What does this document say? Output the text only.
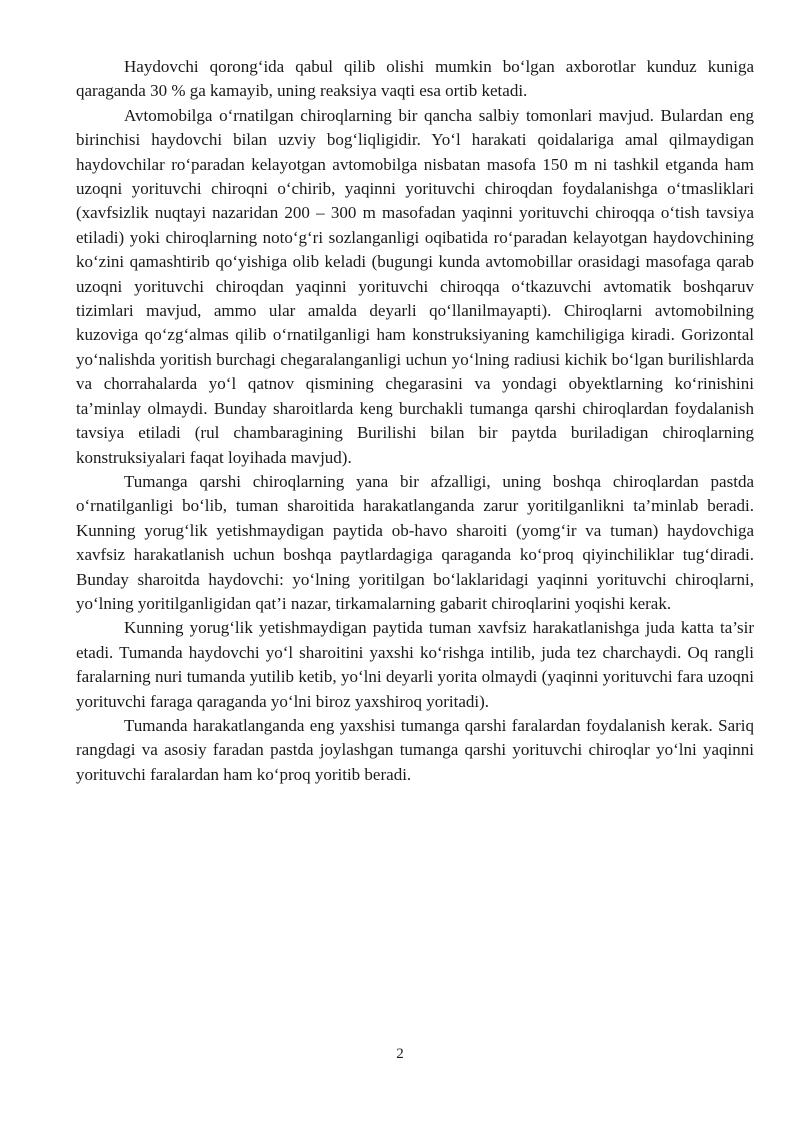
Haydovchi qorong‘ida qabul qilib olishi mumkin bo‘lgan axborotlar kunduz kuniga qaraganda 30 % ga kamayib, uning reaksiya vaqti esa ortib ketadi.

Avtomobilga o‘rnatilgan chiroqlarning bir qancha salbiy tomonlari mavjud. Bulardan eng birinchisi haydovchi bilan uzviy bog‘liqligidir. Yo‘l harakati qoidalariga amal qilmaydigan haydovchilar ro‘paradan kelayotgan avtomobilga nisbatan masofa 150 m ni tashkil etganda ham uzoqni yorituvchi chiroqni o‘chirib, yaqinni yorituvchi chiroqdan foydalanishga o‘tmasliklari (xavfsizlik nuqtayi nazaridan 200 – 300 m masofadan yaqinni yorituvchi chiroqqa o‘tish tavsiya etiladi) yoki chiroqlarning noto‘g‘ri sozlanganligi oqibatida ro‘paradan kelayotgan haydovchining ko‘zini qamashtirib qo‘yishiga olib keladi (bugungi kunda avtomobillar orasidagi masofaga qarab uzoqni yorituvchi chiroqdan yaqinni yorituvchi chiroqqa o‘tkazuvchi avtomatik boshqaruv tizimlari mavjud, ammo ular amalda deyarli qo‘llanilmayapti). Chiroqlarni avtomobilning kuzoviga qo‘zg‘almas qilib o‘rnatilganligi ham konstruksiyaning kamchiligiga kiradi. Gorizontal yo‘nalishda yoritish burchagi chegaralanganligi uchun yo‘lning radiusi kichik bo‘lgan burilishlarda va chorrahalarda yo‘l qatnov qismining chegarasini va yondagi obyektlarning ko‘rinishini ta’minlay olmaydi. Bunday sharoitlarda keng burchakli tumanga qarshi chiroqlardan foydalanish tavsiya etiladi (rul chambaragining Burilishi bilan bir paytda buriladigan chiroqlarning konstruksiyalari faqat loyihada mavjud).

Tumanga qarshi chiroqlarning yana bir afzalligi, uning boshqa chiroqlardan pastda o‘rnatilganligi bo‘lib, tuman sharoitida harakatlanganda zarur yoritilganlikni ta’minlab beradi. Kunning yorug‘lik yetishmaydigan paytida ob-havo sharoiti (yomg‘ir va tuman) haydovchiga xavfsiz harakatlanish uchun boshqa paytlardagiga qaraganda ko‘proq qiyinchiliklar tug‘diradi. Bunday sharoitda haydovchi: yo‘lning yoritilgan bo‘laklaridagi yaqinni yorituvchi chiroqlarni, yo‘lning yoritilganligidan qat’i nazar, tirkamalarning gabarit chiroqlarini yoqishi kerak.

Kunning yorug‘lik yetishmaydigan paytida tuman xavfsiz harakatlanishga juda katta ta’sir etadi. Tumanda haydovchi yo‘l sharoitini yaxshi ko‘rishga intilib, juda tez charchaydi. Oq rangli faralarning nuri tumanda yutilib ketib, yo‘lni deyarli yorita olmaydi (yaqinni yorituvchi fara uzoqni yorituvchi faraga qaraganda yo‘lni biroz yaxshiroq yoritadi).

Tumanda harakatlanganda eng yaxshisi tumanga qarshi faralardan foydalanish kerak. Sariq rangdagi va asosiy faradan pastda joylashgan tumanga qarshi yorituvchi chiroqlar yo‘lni yaqinni yorituvchi faralardan ham ko‘proq yoritib beradi.

2
